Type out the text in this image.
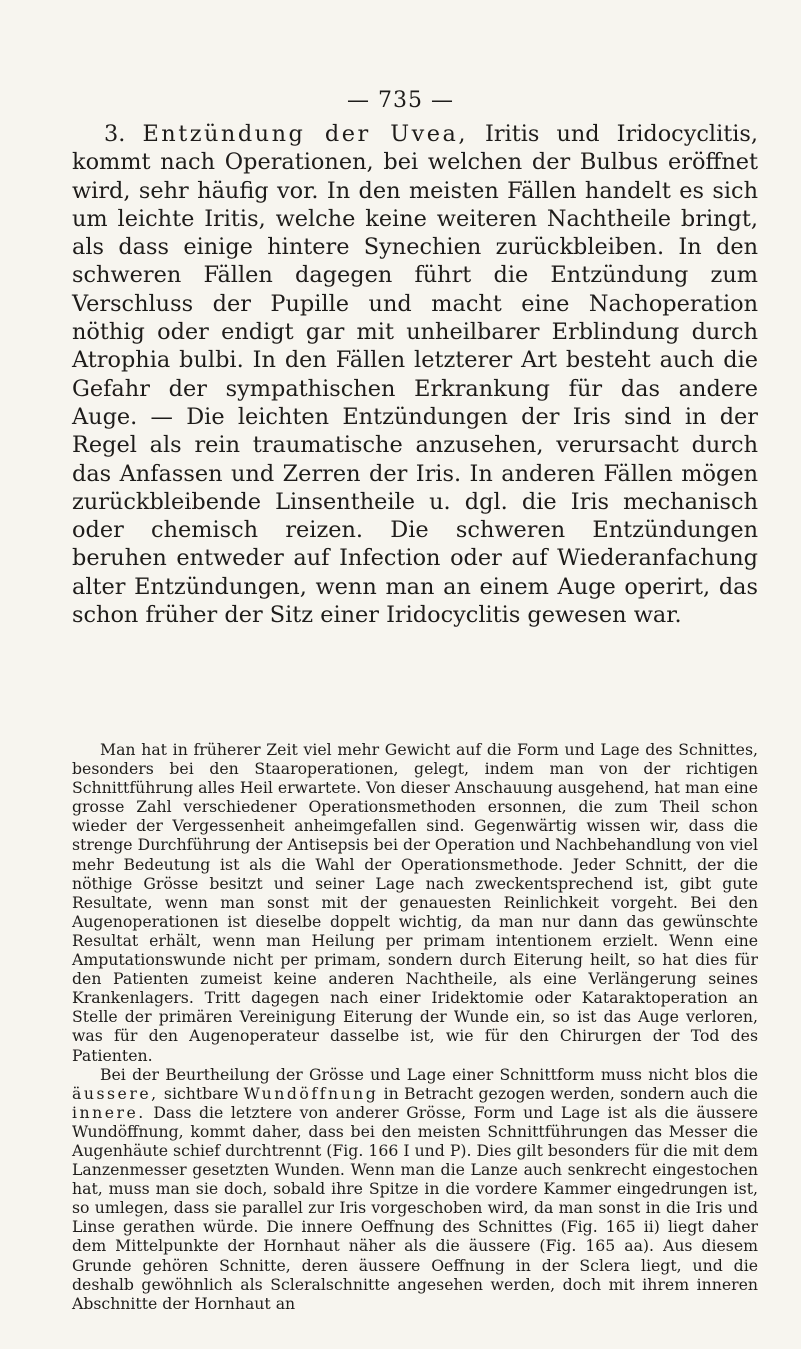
— 735 —

3. Entzündung der Uvea, Iritis und Iridocyclitis, kommt nach Operationen, bei welchen der Bulbus eröffnet wird, sehr häufig vor. In den meisten Fällen handelt es sich um leichte Iritis, welche keine weiteren Nachtheile bringt, als dass einige hintere Synechien zurückbleiben. In den schweren Fällen dagegen führt die Entzündung zum Verschluss der Pupille und macht eine Nachoperation nöthig oder endigt gar mit unheilbarer Erblindung durch Atrophia bulbi. In den Fällen letzterer Art besteht auch die Gefahr der sympathischen Erkrankung für das andere Auge. — Die leichten Entzündungen der Iris sind in der Regel als rein traumatische anzusehen, verursacht durch das Anfassen und Zerren der Iris. In anderen Fällen mögen zurückbleibende Linsentheile u. dgl. die Iris mechanisch oder chemisch reizen. Die schweren Entzündungen beruhen entweder auf Infection oder auf Wiederanfachung alter Entzündungen, wenn man an einem Auge operirt, das schon früher der Sitz einer Iridocyclitis gewesen war.

Man hat in früherer Zeit viel mehr Gewicht auf die Form und Lage des Schnittes, besonders bei den Staaroperationen, gelegt, indem man von der richtigen Schnittführung alles Heil erwartete. Von dieser Anschauung ausgehend, hat man eine grosse Zahl verschiedener Operationsmethoden ersonnen, die zum Theil schon wieder der Vergessenheit anheimgefallen sind. Gegenwärtig wissen wir, dass die strenge Durchführung der Antisepsis bei der Operation und Nachbehandlung von viel mehr Bedeutung ist als die Wahl der Operationsmethode. Jeder Schnitt, der die nöthige Grösse besitzt und seiner Lage nach zweckentsprechend ist, gibt gute Resultate, wenn man sonst mit der genauesten Reinlichkeit vorgeht. Bei den Augenoperationen ist dieselbe doppelt wichtig, da man nur dann das gewünschte Resultat erhält, wenn man Heilung per primam intentionem erzielt. Wenn eine Amputationswunde nicht per primam, sondern durch Eiterung heilt, so hat dies für den Patienten zumeist keine anderen Nachtheile, als eine Verlängerung seines Krankenlagers. Tritt dagegen nach einer Iridektomie oder Kataraktoperation an Stelle der primären Vereinigung Eiterung der Wunde ein, so ist das Auge verloren, was für den Augenoperateur dasselbe ist, wie für den Chirurgen der Tod des Patienten.

Bei der Beurtheilung der Grösse und Lage einer Schnittform muss nicht blos die äussere, sichtbare Wundöffnung in Betracht gezogen werden, sondern auch die innere. Dass die letztere von anderer Grösse, Form und Lage ist als die äussere Wundöffnung, kommt daher, dass bei den meisten Schnittführungen das Messer die Augenhäute schief durchtrennt (Fig. 166 I und P). Dies gilt besonders für die mit dem Lanzenmesser gesetzten Wunden. Wenn man die Lanze auch senkrecht eingestochen hat, muss man sie doch, sobald ihre Spitze in die vordere Kammer eingedrungen ist, so umlegen, dass sie parallel zur Iris vorgeschoben wird, da man sonst in die Iris und Linse gerathen würde. Die innere Oeffnung des Schnittes (Fig. 165 ii) liegt daher dem Mittelpunkte der Hornhaut näher als die äussere (Fig. 165 aa). Aus diesem Grunde gehören Schnitte, deren äussere Oeffnung in der Sclera liegt, und die deshalb gewöhnlich als Scleralschnitte angesehen werden, doch mit ihrem inneren Abschnitte der Hornhaut an
